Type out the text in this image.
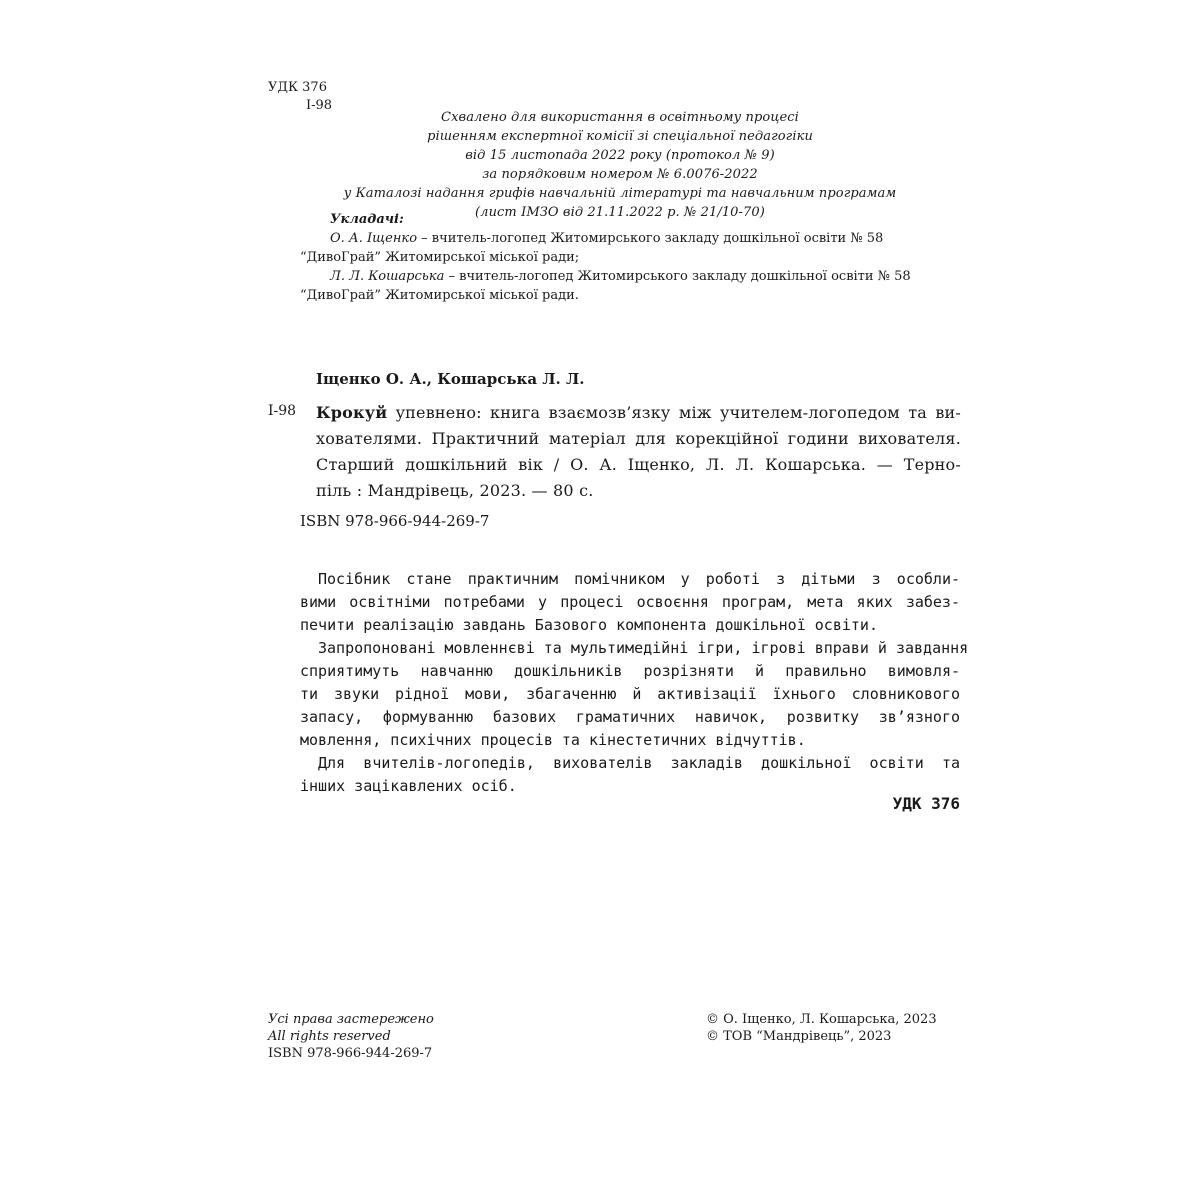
УДК 376
І-98
Схвалено для використання в освітньому процесі
рішенням експертної комісії зі спеціальної педагогіки
від 15 листопада 2022 року (протокол № 9)
за порядковим номером № 6.0076-2022
у Каталозі надання грифів навчальній літературі та навчальним програмам
(лист ІМЗО від 21.11.2022 р. № 21/10-70)
Укладачі:
О. А. Іщенко – вчитель-логопед Житомирського закладу дошкільної освіти № 58
“ДивоГрай” Житомирської міської ради;
Л. Л. Кошарська – вчитель-логопед Житомирського закладу дошкільної освіти № 58
“ДивоГрай” Житомирської міської ради.
Іщенко О. А., Кошарська Л. Л.
І-98 Крокуй упевнено: книга взаємозв’язку між учителем-логопедом та ви-
хователями. Практичний матеріал для корекційної години вихователя.
Старший дошкільний вік / О. А. Іщенко, Л. Л. Кошарська. — Терно-
піль : Мандрівець, 2023. — 80 с.
ISBN 978-966-944-269-7
Посібник стане практичним помічником у роботі з дітьми з особли-
вими освітніми потребами у процесі освоєння програм, мета яких забез-
печити реалізацію завдань Базового компонента дошкільної освіти.
Запропоновані мовленнєві та мультимедійні ігри, ігрові вправи й завдання
сприятимуть навчанню дошкільників розрізняти й правильно вимовля-
ти звуки рідної мови, збагаченню й активізації їхнього словникового
запасу, формуванню базових граматичних навичок, розвитку зв’язного
мовлення, психічних процесів та кінестетичних відчуттів.
Для вчителів-логопедів, вихователів закладів дошкільної освіти та
інших зацікавлених осіб.
УДК 376
Усі права застережено
All rights reserved
ISBN 978-966-944-269-7
© О. Іщенко, Л. Кошарська, 2023
© ТОВ “Мандрівець”, 2023
